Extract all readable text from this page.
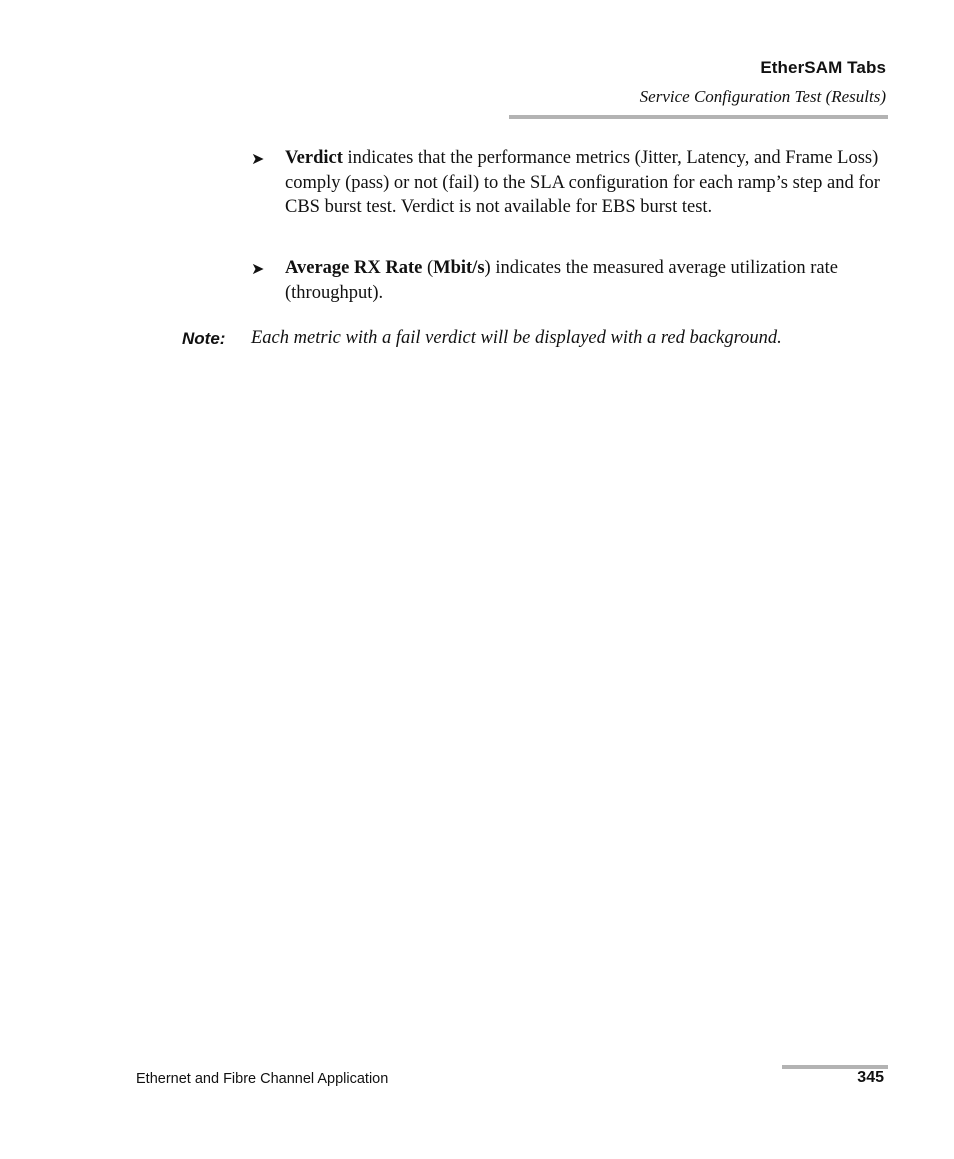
EtherSAM Tabs
Service Configuration Test (Results)
➤	Verdict indicates that the performance metrics (Jitter, Latency, and Frame Loss) comply (pass) or not (fail) to the SLA configuration for each ramp’s step and for CBS burst test. Verdict is not available for EBS burst test.
➤	Average RX Rate (Mbit/s) indicates the measured average utilization rate (throughput).
Note: Each metric with a fail verdict will be displayed with a red background.
Ethernet and Fibre Channel Application	345
